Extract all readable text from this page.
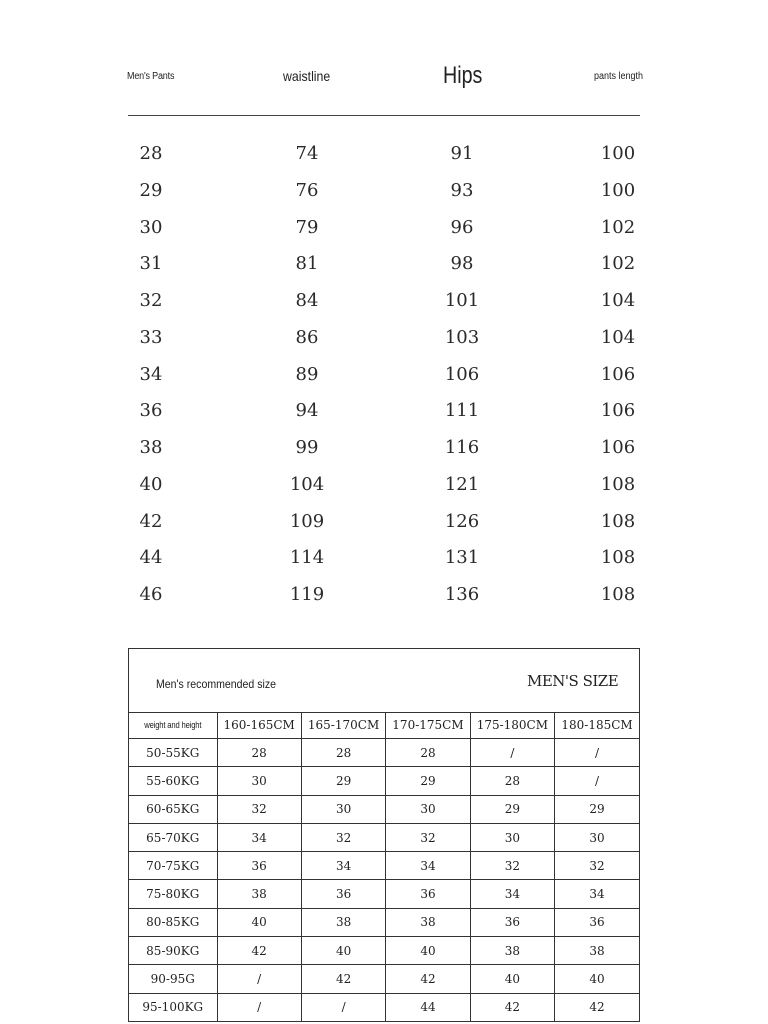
Men's Pants	waistline	Hips	pants length
28	74	91	100
29	76	93	100
30	79	96	102
31	81	98	102
32	84	101	104
33	86	103	104
34	89	106	106
36	94	111	106
38	99	116	106
40	104	121	108
42	109	126	108
44	114	131	108
46	119	136	108
Men's recommended size	MEN'S SIZE
weight and height	160-165CM	165-170CM	170-175CM	175-180CM	180-185CM
50-55KG	28	28	28	/	/
55-60KG	30	29	29	28	/
60-65KG	32	30	30	29	29
65-70KG	34	32	32	30	30
70-75KG	36	34	34	32	32
75-80KG	38	36	36	34	34
80-85KG	40	38	38	36	36
85-90KG	42	40	40	38	38
90-95G	/	42	42	40	40
95-100KG	/	/	44	42	42
